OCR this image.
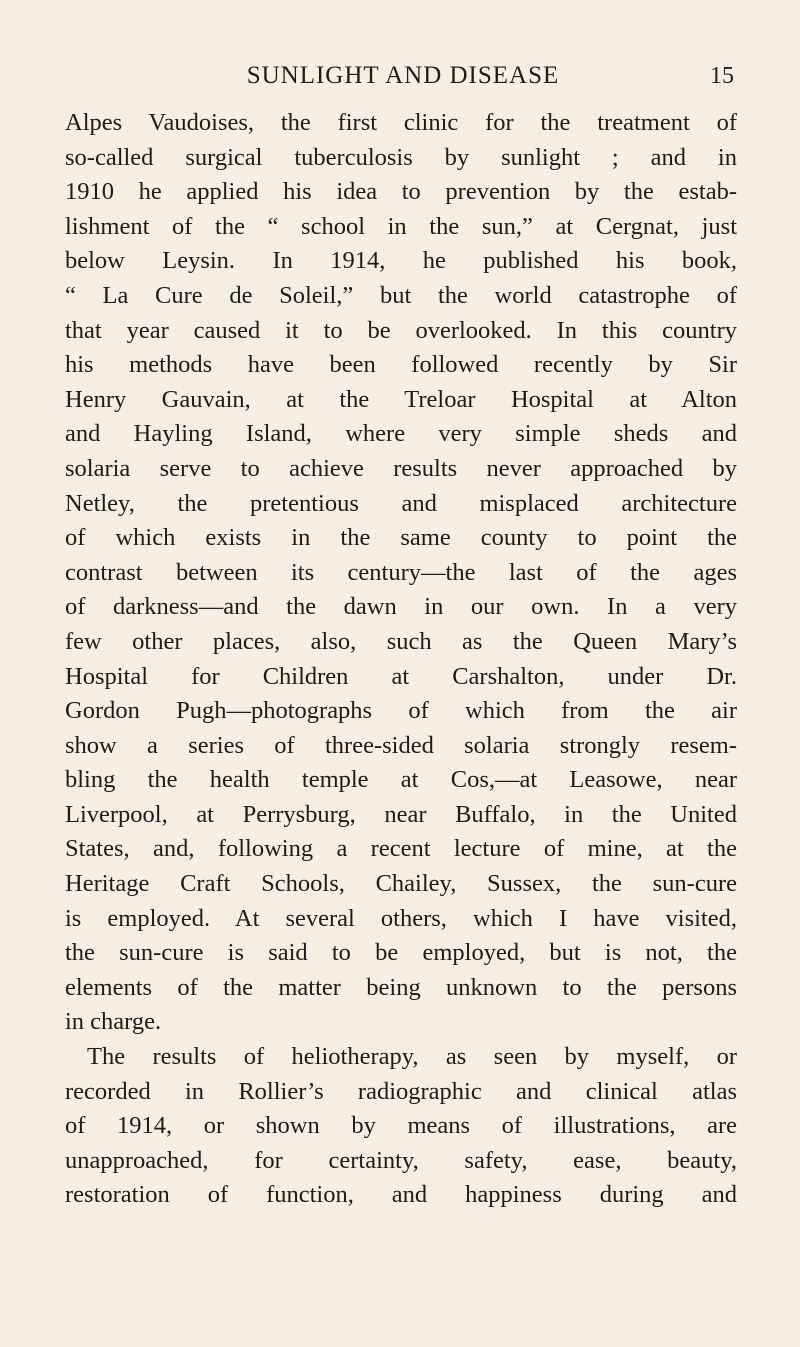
SUNLIGHT AND DISEASE	15
Alpes Vaudoises, the first clinic for the treatment of
so-called surgical tuberculosis by sunlight ; and in
1910 he applied his idea to prevention by the estab-
lishment of the “ school in the sun,” at Cergnat, just
below Leysin. In 1914, he published his book,
“ La Cure de Soleil,” but the world catastrophe of
that year caused it to be overlooked. In this country
his methods have been followed recently by Sir
Henry Gauvain, at the Treloar Hospital at Alton
and Hayling Island, where very simple sheds and
solaria serve to achieve results never approached by
Netley, the pretentious and misplaced architecture
of which exists in the same county to point the
contrast between its century—the last of the ages
of darkness—and the dawn in our own. In a very
few other places, also, such as the Queen Mary’s
Hospital for Children at Carshalton, under Dr.
Gordon Pugh—photographs of which from the air
show a series of three-sided solaria strongly resem-
bling the health temple at Cos,—at Leasowe, near
Liverpool, at Perrysburg, near Buffalo, in the United
States, and, following a recent lecture of mine, at the
Heritage Craft Schools, Chailey, Sussex, the sun-cure
is employed. At several others, which I have visited,
the sun-cure is said to be employed, but is not, the
elements of the matter being unknown to the persons
in charge.
The results of heliotherapy, as seen by myself, or
recorded in Rollier’s radiographic and clinical atlas
of 1914, or shown by means of illustrations, are
unapproached, for certainty, safety, ease, beauty,
restoration of function, and happiness during and
